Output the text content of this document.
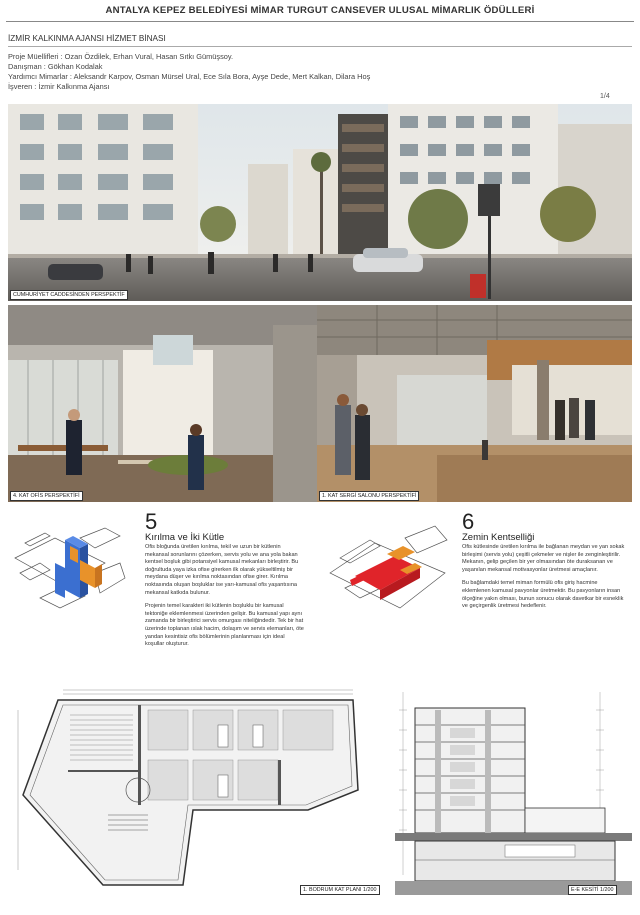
ANTALYA KEPEZ BELEDİYESİ MİMAR TURGUT CANSEVER ULUSAL MİMARLIK ÖDÜLLERİ
İZMİR KALKINMA AJANSI HİZMET BİNASI
Proje Müellifleri : Ozan Özdilek, Erhan Vural, Hasan Sıtkı Gümüşsoy.
Danışman : Gökhan Kodalak
Yardımcı Mimarlar : Aleksandr Karpov, Osman Mürsel Ural, Ece Sıla Bora, Ayşe Dede, Mert Kalkan, Dilara Hoş
İşveren : İzmir Kalkınma Ajansı
1/4
CUMHURİYET CADDESİNDEN PERSPEKTİF
4. KAT OFİS PERSPEKTİFİ	1. KAT SERGİ SALONU PERSPEKTİFİ
5
Kırılma ve İki Kütle

Ofis bloğunda üretilen kırılma, tekil ve uzun bir kütlenin mekansal sorunlarını çözerken, servis yolu ve ana yola bakan kentsel boşluk gibi potansiyel kamusal mekanları birleştirir. Bu doğrultuda yaya izka ofise girerken ilk olarak yükseltilmiş bir meydana düşer ve kırılma noktasından ofise girer. Kırılma noktasında oluşan boşluklar ise yarı-kamusal ofis yaşantısına mekansal katkıda bulunur.

Projenin temel karakteri iki kütlenin boşluklu bir kamusal tektoniğe eklemlenmesi üzerinden gelişir. Bu kamusal yapı aynı zamanda bir birleştirici servis omurgası niteliğindedir. Tek bir hat üzerinde toplanan ıslak hacim, dolaşım ve servis elemanları, öte yandan kesintisiz ofis bölümlerinin planlanması için ideal koşullar oluşturur.

6
Zemin Kentselliği

Ofis kütlesinde üretilen kırılma ile bağlanan meydan ve yan sokak birleşimi (servis yolu) çeşitli çekmeler ve nişler ile zenginleştirilir. Mekanın, gelip geçilen bir yer olmasından öte duraksanan ve yaşanılan mekansal motivasyonlar üretmesi amaçlanır.

Bu bağlamdaki temel miman formülü ofis giriş hacmine eklemlenen kamusal pavyonlar üretmektir. Bu pavyonların insan ölçeğine yakın olması, bunun sonucu olarak davetkar bir esneklik ve geçirgenlik üretmesi hedeflenir.

1. BODRUM KAT PLANI 1/200	E-E KESİTİ 1/200
